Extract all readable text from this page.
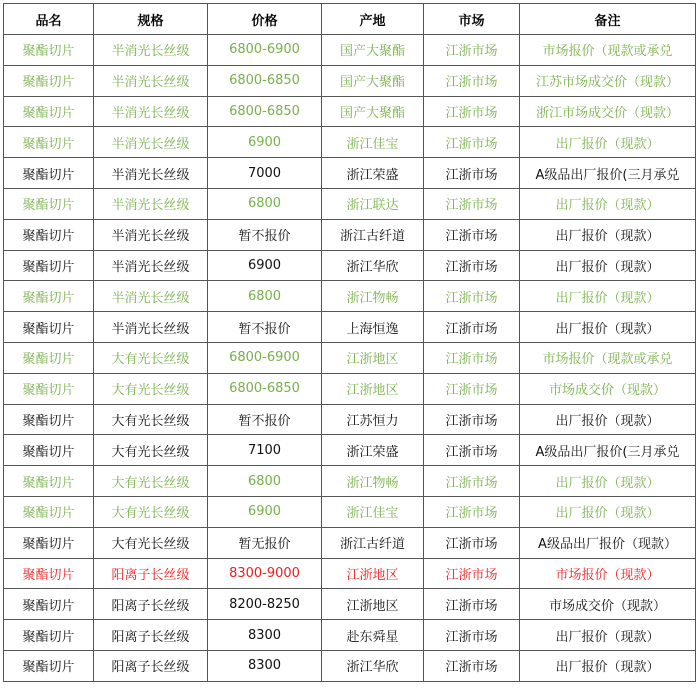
品名	规格	价格	产地	市场	备注
聚酯切片	半消光长丝级	6800-6900	国产大聚酯	江浙市场	市场报价（现款或承兑
聚酯切片	半消光长丝级	6800-6850	国产大聚酯	江浙市场	江苏市场成交价（现款）
聚酯切片	半消光长丝级	6800-6850	国产大聚酯	江浙市场	浙江市场成交价（现款）
聚酯切片	半消光长丝级	6900	浙江佳宝	江浙市场	出厂报价（现款）
聚酯切片	半消光长丝级	7000	浙江荣盛	江浙市场	A级品出厂报价(三月承兑
聚酯切片	半消光长丝级	6800	浙江联达	江浙市场	出厂报价（现款）
聚酯切片	半消光长丝级	暂不报价	浙江古纤道	江浙市场	出厂报价（现款）
聚酯切片	半消光长丝级	6900	浙江华欣	江浙市场	出厂报价（现款）
聚酯切片	半消光长丝级	6800	浙江物畅	江浙市场	出厂报价（现款）
聚酯切片	半消光长丝级	暂不报价	上海恒逸	江浙市场	出厂报价（现款）
聚酯切片	大有光长丝级	6800-6900	江浙地区	江浙市场	市场报价（现款或承兑
聚酯切片	大有光长丝级	6800-6850	江浙地区	江浙市场	市场成交价（现款）
聚酯切片	大有光长丝级	暂不报价	江苏恒力	江浙市场	出厂报价（现款）
聚酯切片	大有光长丝级	7100	浙江荣盛	江浙市场	A级品出厂报价(三月承兑
聚酯切片	大有光长丝级	6800	浙江物畅	江浙市场	出厂报价（现款）
聚酯切片	大有光长丝级	6900	浙江佳宝	江浙市场	出厂报价（现款）
聚酯切片	大有光长丝级	暂无报价	浙江古纤道	江浙市场	A级品出厂报价（现款）
聚酯切片	阳离子长丝级	8300-9000	江浙地区	江浙市场	市场报价（现款）
聚酯切片	阳离子长丝级	8200-8250	江浙地区	江浙市场	市场成交价（现款）
聚酯切片	阳离子长丝级	8300	赴东舜星	江浙市场	出厂报价（现款）
聚酯切片	阳离子长丝级	8300	浙江华欣	江浙市场	出厂报价（现款）
